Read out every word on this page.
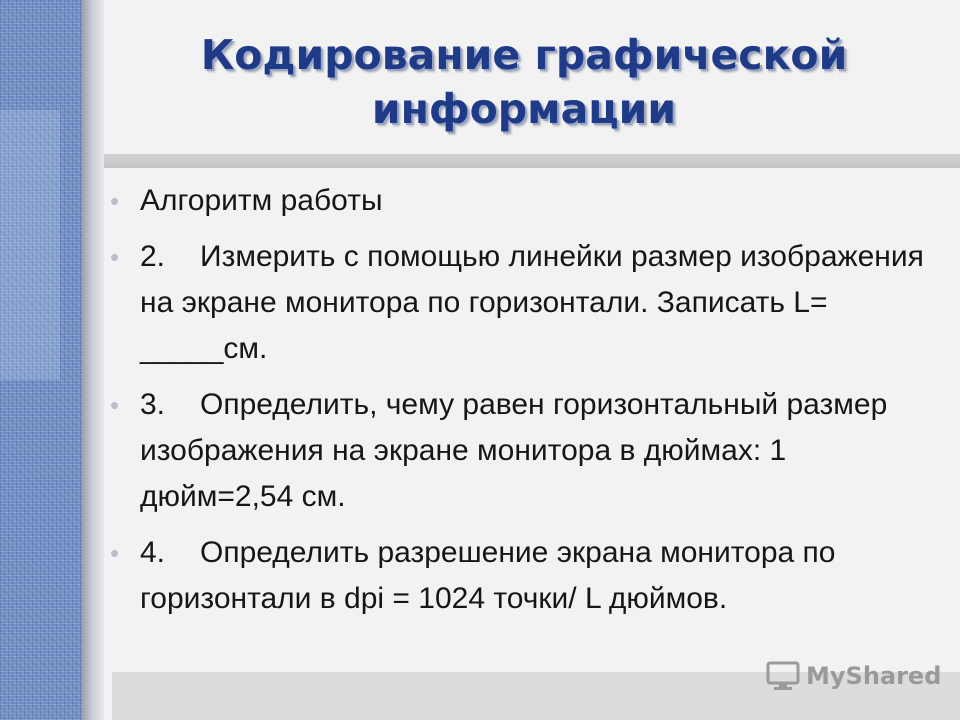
Кодирование графической
информации
• Алгоритм работы
• 2. Измерить с помощью линейки размер изображения на экране монитора по горизонтали. Записать L= _____см.
• 3. Определить, чему равен горизонтальный размер изображения на экране монитора в дюймах: 1 дюйм=2,54 см.
• 4. Определить разрешение экрана монитора по горизонтали в dpi = 1024 точки/ L дюймов.
MyShared
